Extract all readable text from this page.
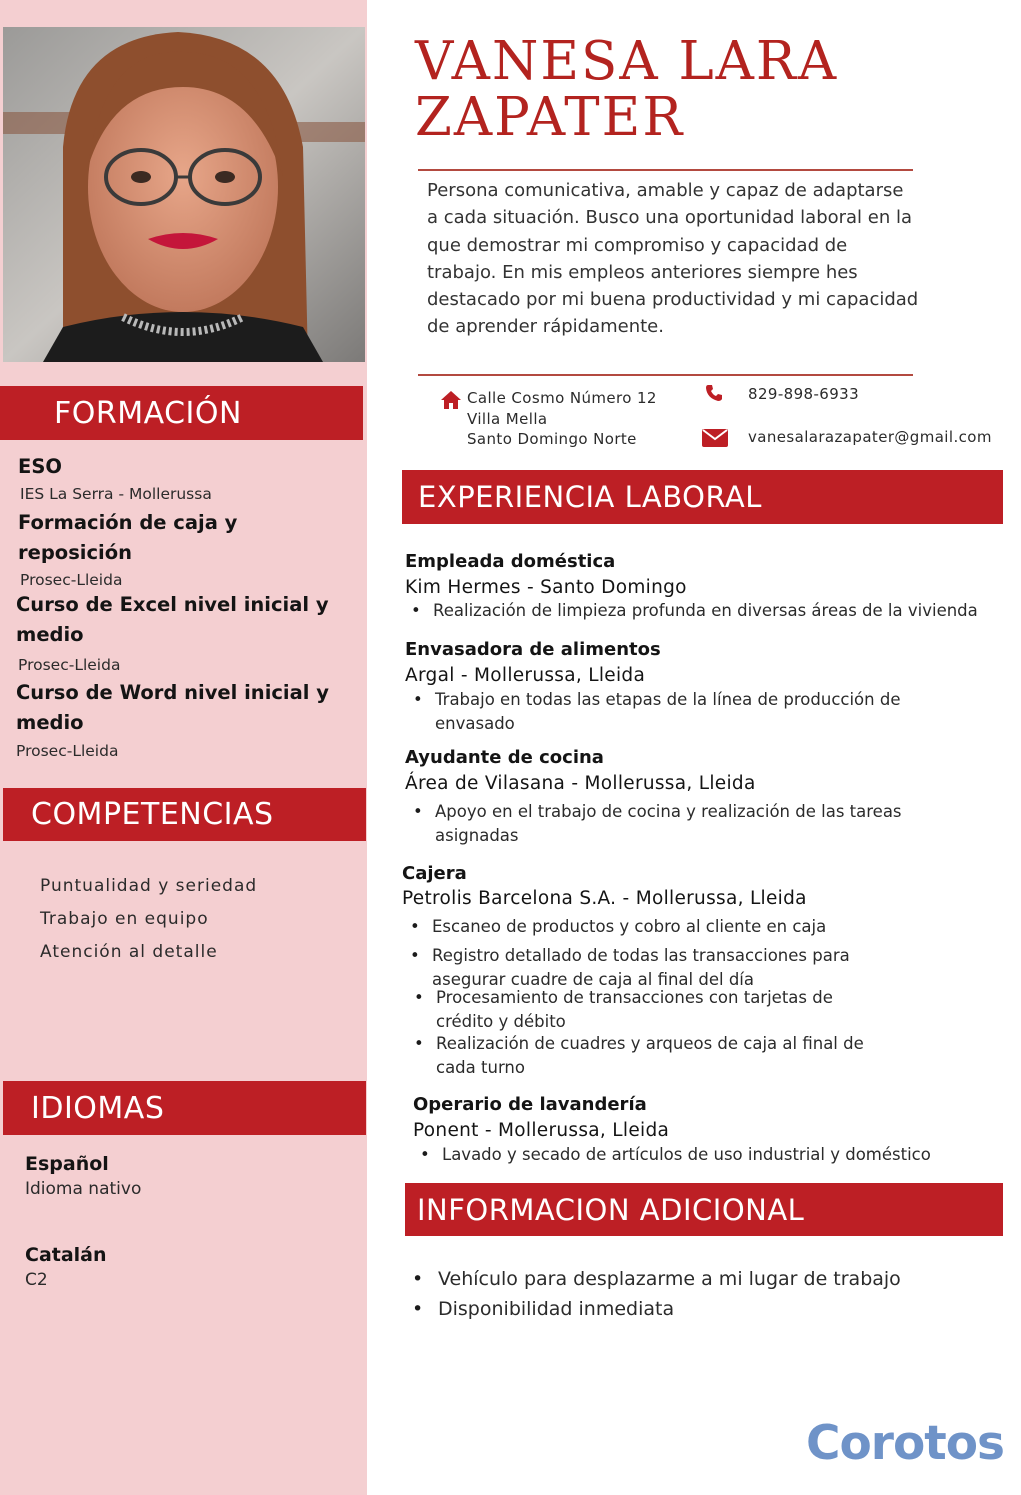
FORMACIÓN
ESO
IES La Serra - Mollerussa
Formación de caja y reposición
Prosec-Lleida
Curso de Excel nivel inicial y medio
Prosec-Lleida
Curso de Word nivel inicial y medio
Prosec-Lleida
COMPETENCIAS
Puntualidad y seriedad
Trabajo en equipo
Atención al detalle
IDIOMAS
Español
Idioma nativo
Catalán
C2
VANESA LARA
ZAPATER
Persona comunicativa, amable y capaz de adaptarse a cada situación. Busco una oportunidad laboral en la que demostrar mi compromiso y capacidad de trabajo. En mis empleos anteriores siempre hes destacado por mi buena productividad y mi capacidad de aprender rápidamente.
Calle Cosmo Número 12
Villa Mella
Santo Domingo Norte
829-898-6933
vanesalarazapater@gmail.com
EXPERIENCIA LABORAL
Empleada doméstica
Kim Hermes - Santo Domingo
• Realización de limpieza profunda en diversas áreas de la vivienda
Envasadora de alimentos
Argal - Mollerussa, Lleida
• Trabajo en todas las etapas de la línea de producción de envasado
Ayudante de cocina
Área de Vilasana - Mollerussa, Lleida
• Apoyo en el trabajo de cocina y realización de las tareas asignadas
Cajera
Petrolis Barcelona S.A. - Mollerussa, Lleida
• Escaneo de productos y cobro al cliente en caja
• Registro detallado de todas las transacciones para asegurar cuadre de caja al final del día
• Procesamiento de transacciones con tarjetas de crédito y débito
• Realización de cuadres y arqueos de caja al final de cada turno
Operario de lavandería
Ponent - Mollerussa, Lleida
• Lavado y secado de artículos de uso industrial y doméstico
INFORMACION ADICIONAL
• Vehículo para desplazarme a mi lugar de trabajo
• Disponibilidad inmediata
Corotos
